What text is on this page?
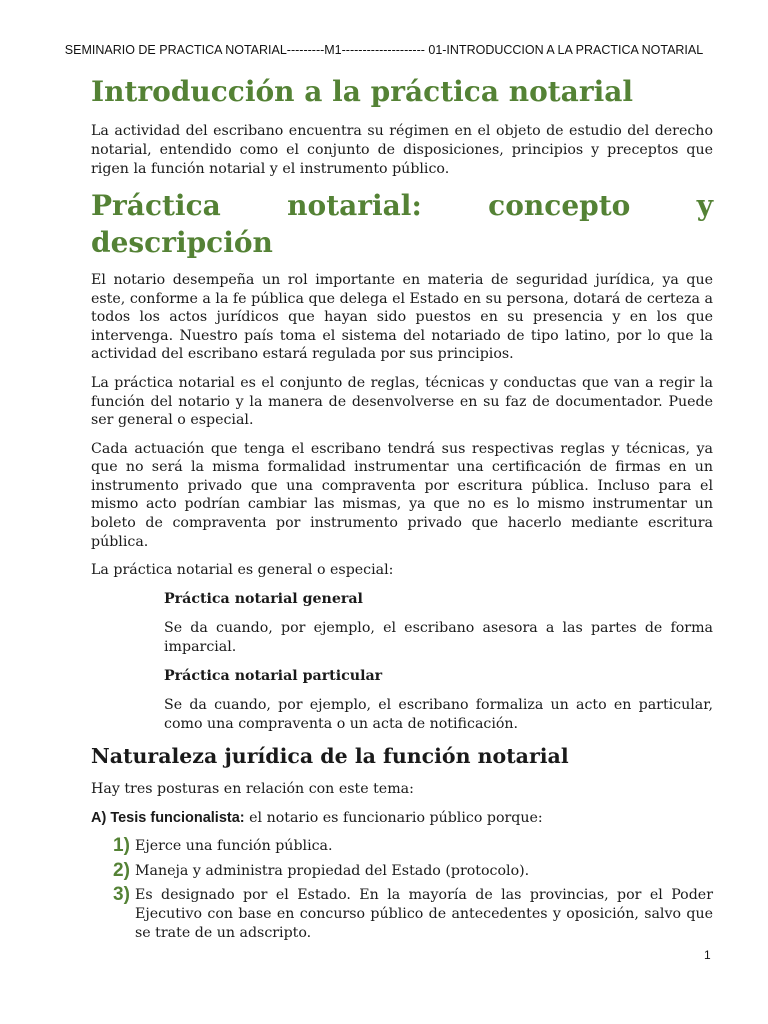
SEMINARIO DE PRACTICA NOTARIAL---------M1-------------------- 01-INTRODUCCION A LA PRACTICA NOTARIAL
Introducción a la práctica notarial

La actividad del escribano encuentra su régimen en el objeto de estudio del derecho notarial, entendido como el conjunto de disposiciones, principios y preceptos que rigen la función notarial y el instrumento público.

Práctica notarial: concepto y
descripción

El notario desempeña un rol importante en materia de seguridad jurídica, ya que este, conforme a la fe pública que delega el Estado en su persona, dotará de certeza a todos los actos jurídicos que hayan sido puestos en su presencia y en los que intervenga. Nuestro país toma el sistema del notariado de tipo latino, por lo que la actividad del escribano estará regulada por sus principios.

La práctica notarial es el conjunto de reglas, técnicas y conductas que van a regir la función del notario y la manera de desenvolverse en su faz de documentador. Puede ser general o especial.

Cada actuación que tenga el escribano tendrá sus respectivas reglas y técnicas, ya que no será la misma formalidad instrumentar una certificación de firmas en un instrumento privado que una compraventa por escritura pública. Incluso para el mismo acto podrían cambiar las mismas, ya que no es lo mismo instrumentar un boleto de compraventa por instrumento privado que hacerlo mediante escritura pública.

La práctica notarial es general o especial:

Práctica notarial general

Se da cuando, por ejemplo, el escribano asesora a las partes de forma imparcial.

Práctica notarial particular

Se da cuando, por ejemplo, el escribano formaliza un acto en particular, como una compraventa o un acta de notificación.

Naturaleza jurídica de la función notarial

Hay tres posturas en relación con este tema:

A) Tesis funcionalista: el notario es funcionario público porque:

1) Ejerce una función pública.
2) Maneja y administra propiedad del Estado (protocolo).
3) Es designado por el Estado. En la mayoría de las provincias, por el Poder Ejecutivo con base en concurso público de antecedentes y oposición, salvo que se trate de un adscripto.
1
